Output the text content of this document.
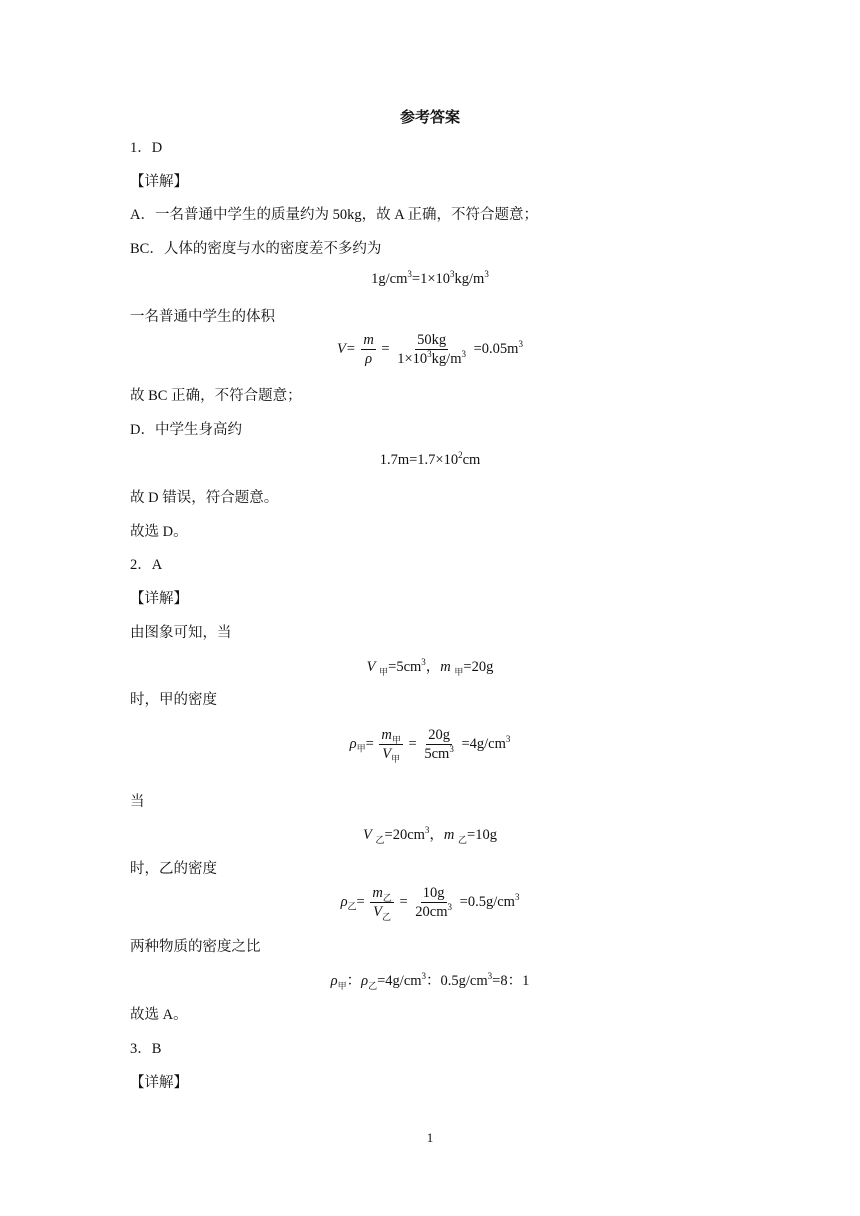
参考答案
1．D
【详解】
A．一名普通中学生的质量约为 50kg，故 A 正确，不符合题意；
BC．人体的密度与水的密度差不多约为
$1g/cm^3=1\times 10^3kg/m^3$
一名普通中学生的体积
$V= \frac{m}{\rho} = \frac{50kg}{1\times 10^3kg/m^3} =0.05m^3$
故 BC 正确，不符合题意；
D．中学生身高约
$1.7m=1.7\times 10^2cm$
故 D 错误，符合题意。
故选 D。
2．A
【详解】
由图象可知，当
V $_甲=5cm^3$，m $_甲$=20g
时，甲的密度
$\rho_甲= \frac{m_甲}{V_甲} = \frac{20g}{5cm^3} =4g/cm^3$
当
V $_乙=20cm^3$，m $_乙$=10g
时，乙的密度
$\rho_乙= \frac{m_乙}{V_乙} = \frac{10g}{20cm^3} =0.5g/cm^3$
两种物质的密度之比
$\rho_甲$：$\rho_乙=4g/cm^3$：$0.5g/cm^3=8$：1
故选 A。
3．B
【详解】
1
